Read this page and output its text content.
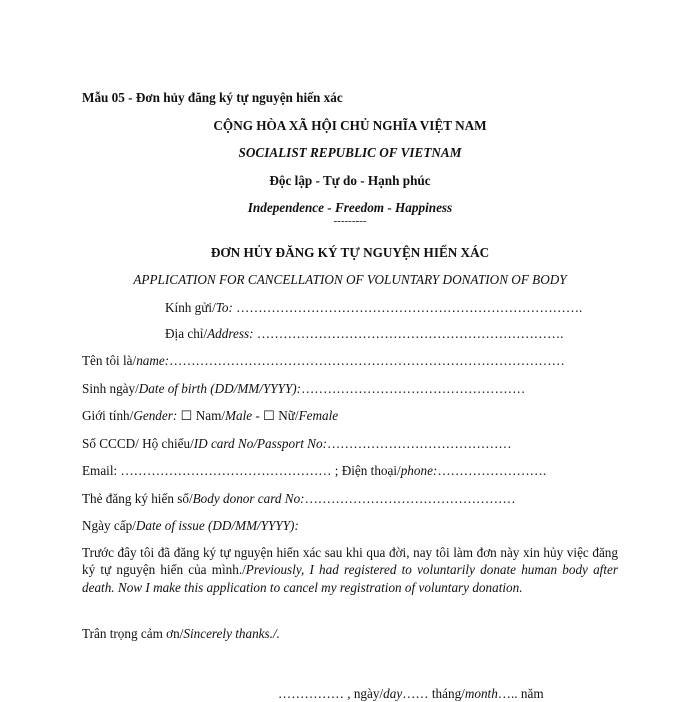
Mẫu 05 - Đơn hủy đăng ký tự nguyện hiến xác
CỘNG HÒA XÃ HỘI CHỦ NGHĨA VIỆT NAM
SOCIALIST REPUBLIC OF VIETNAM
Độc lập - Tự do - Hạnh phúc
Independence - Freedom - Happiness
---------
ĐƠN HỦY ĐĂNG KÝ TỰ NGUYỆN HIẾN XÁC
APPLICATION FOR CANCELLATION OF VOLUNTARY DONATION OF BODY
Kính gửi/To: …………………………………………………………………….
Địa chỉ/Address: …………………………………………………………….
Tên tôi là/name:………………………………………………………………………………
Sinh ngày/Date of birth (DD/MM/YYYY):……………………………………………
Giới tính/Gender: ☐ Nam/Male - ☐ Nữ/Female
Số CCCD/ Hộ chiếu/ID card No/Passport No:……………………………………
Email: ………………………………………… ; Điện thoại/phone:…………………….
Thẻ đăng ký hiến số/Body donor card No:…………………………………………
Ngày cấp/Date of issue (DD/MM/YYYY):
Trước đây tôi đã đăng ký tự nguyện hiến xác sau khi qua đời, nay tôi làm đơn này xin hủy việc đăng ký tự nguyện hiến của mình./Previously, I had registered to voluntarily donate human body after death. Now I make this application to cancel my registration of voluntary donation.
Trân trọng cảm ơn/Sincerely thanks./.
…………… , ngày/day…… tháng/month….. năm
